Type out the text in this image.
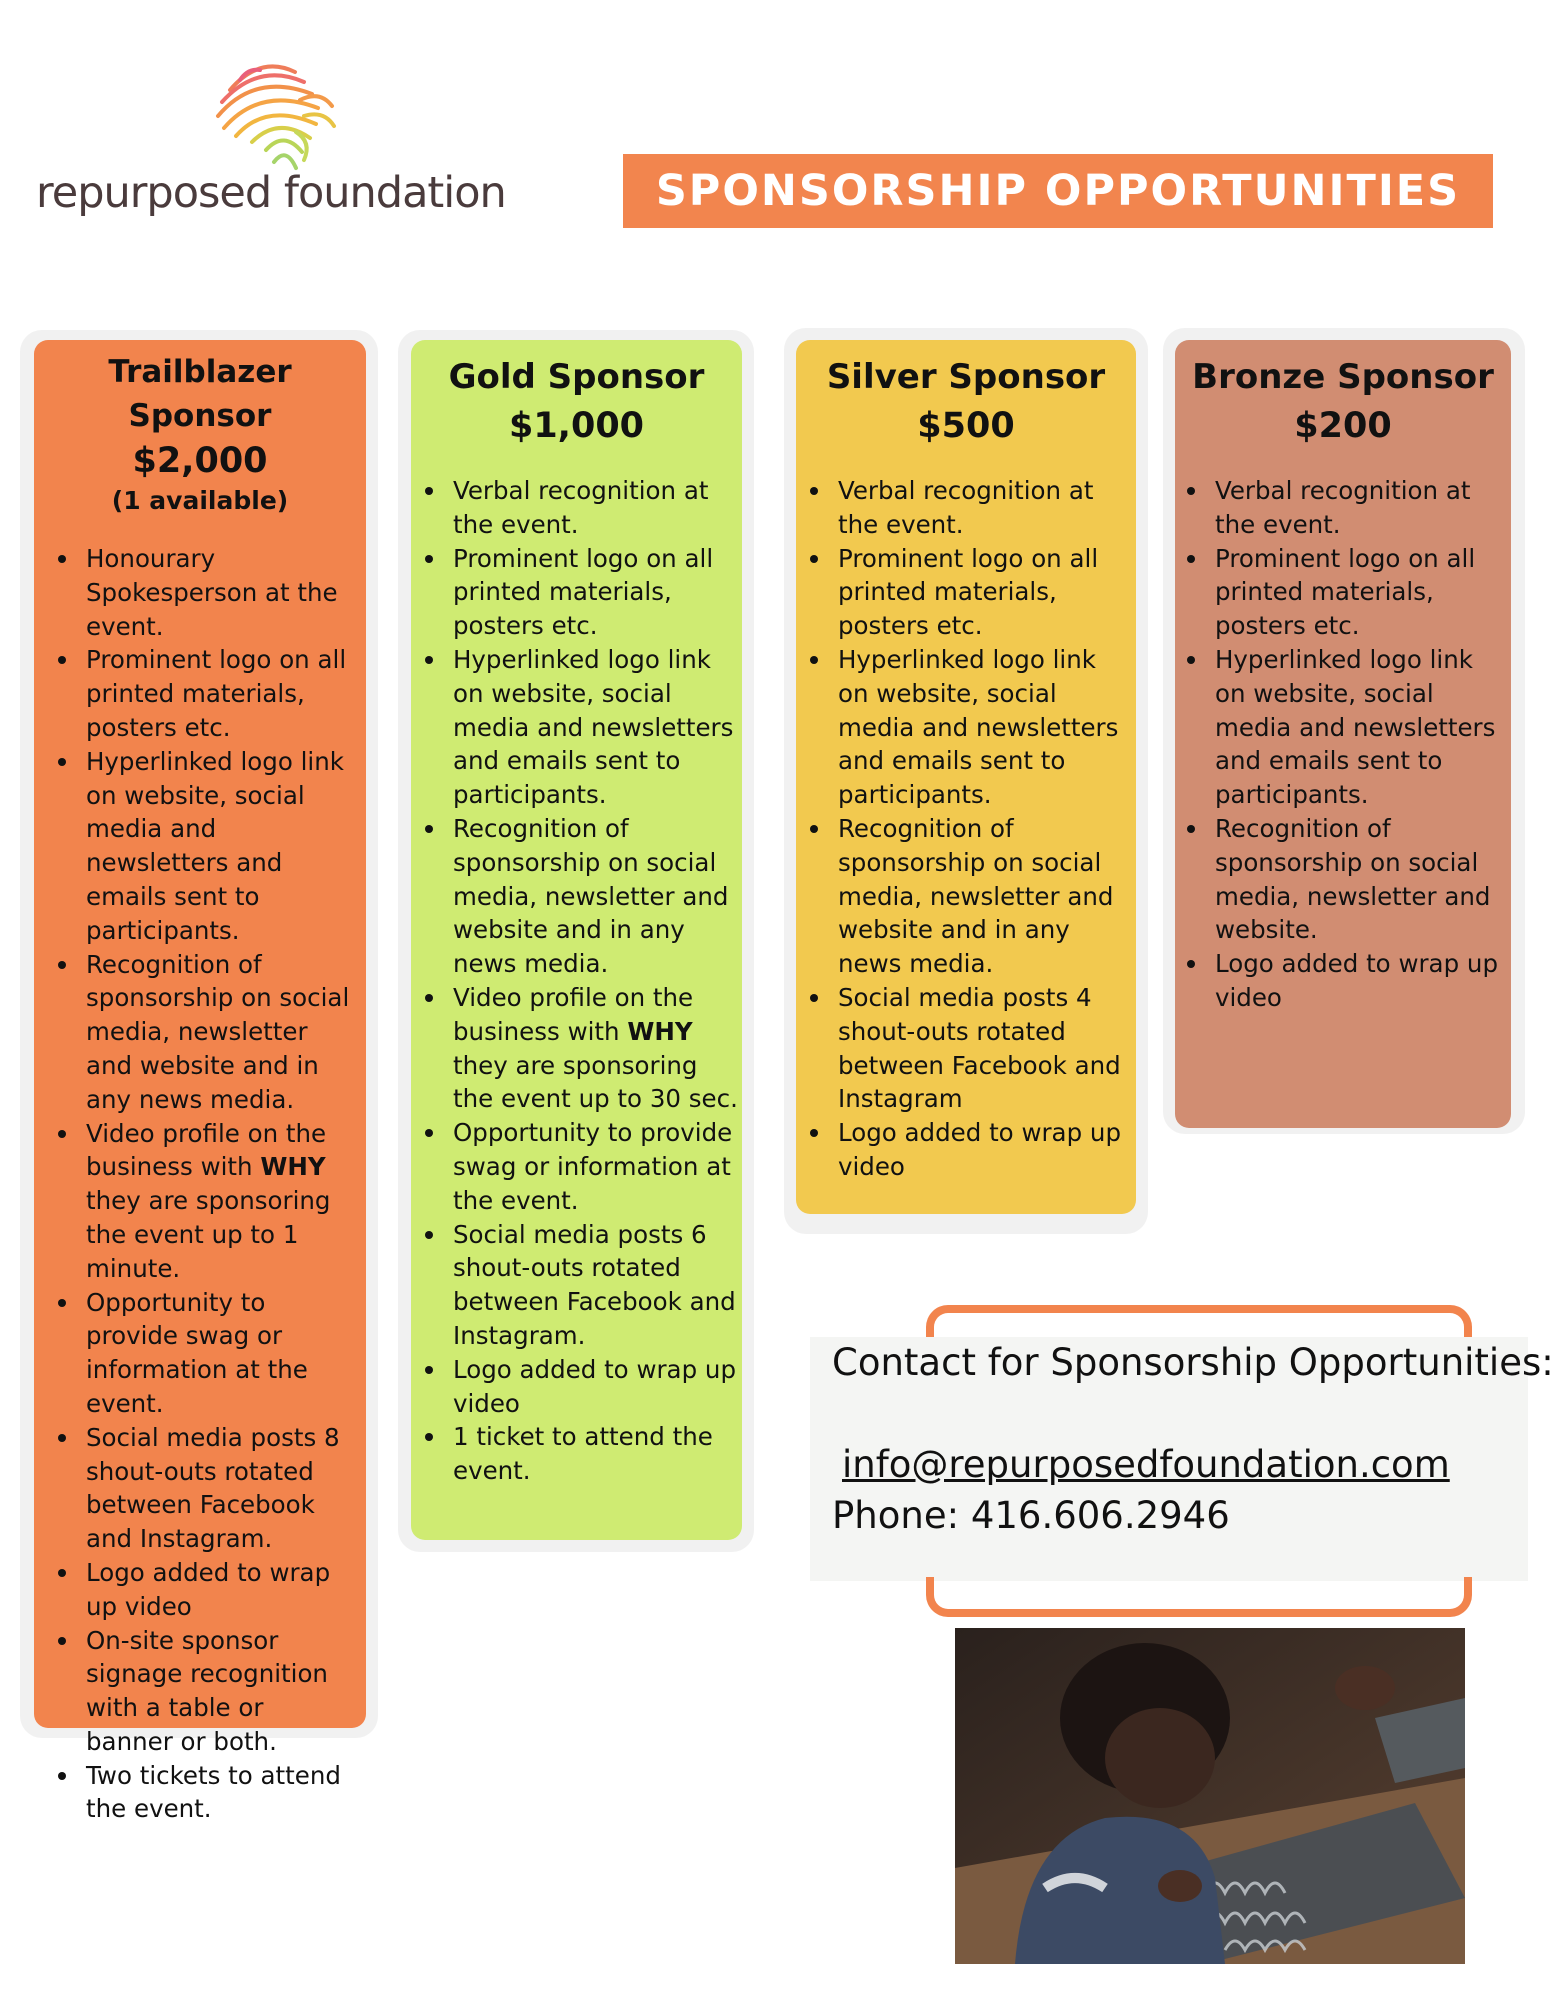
repurposed foundation	SPONSORSHIP OPPORTUNITIES
Trailblazer Sponsor
$2,000
(1 available)
Honourary Spokesperson at the event.
Prominent logo on all printed materials, posters etc.
Hyperlinked logo link on website, social media and newsletters and emails sent to participants.
Recognition of sponsorship on social media, newsletter and website and in any news media.
Video profile on the business with WHY they are sponsoring the event up to 1 minute.
Opportunity to provide swag or information at the event.
Social media posts 8 shout-outs rotated between Facebook and Instagram.
Logo added to wrap up video
On-site sponsor signage recognition with a table or banner or both.
Two tickets to attend the event.
Gold Sponsor
$1,000
Verbal recognition at the event.
Prominent logo on all printed materials, posters etc.
Hyperlinked logo link on website, social media and newsletters and emails sent to participants.
Recognition of sponsorship on social media, newsletter and website and in any news media.
Video profile on the business with WHY they are sponsoring the event up to 30 sec.
Opportunity to provide swag or information at the event.
Social media posts 6 shout-outs rotated between Facebook and Instagram.
Logo added to wrap up video
1 ticket to attend the event.
Silver Sponsor
$500
Verbal recognition at the event.
Prominent logo on all printed materials, posters etc.
Hyperlinked logo link on website, social media and newsletters and emails sent to participants.
Recognition of sponsorship on social media, newsletter and website and in any news media.
Social media posts 4 shout-outs rotated between Facebook and Instagram
Logo added to wrap up video
Bronze Sponsor
$200
Verbal recognition at the event.
Prominent logo on all printed materials, posters etc.
Hyperlinked logo link on website, social media and newsletters and emails sent to participants.
Recognition of sponsorship on social media, newsletter and website.
Logo added to wrap up video
Contact for Sponsorship Opportunities:
info@repurposedfoundation.com
Phone: 416.606.2946
